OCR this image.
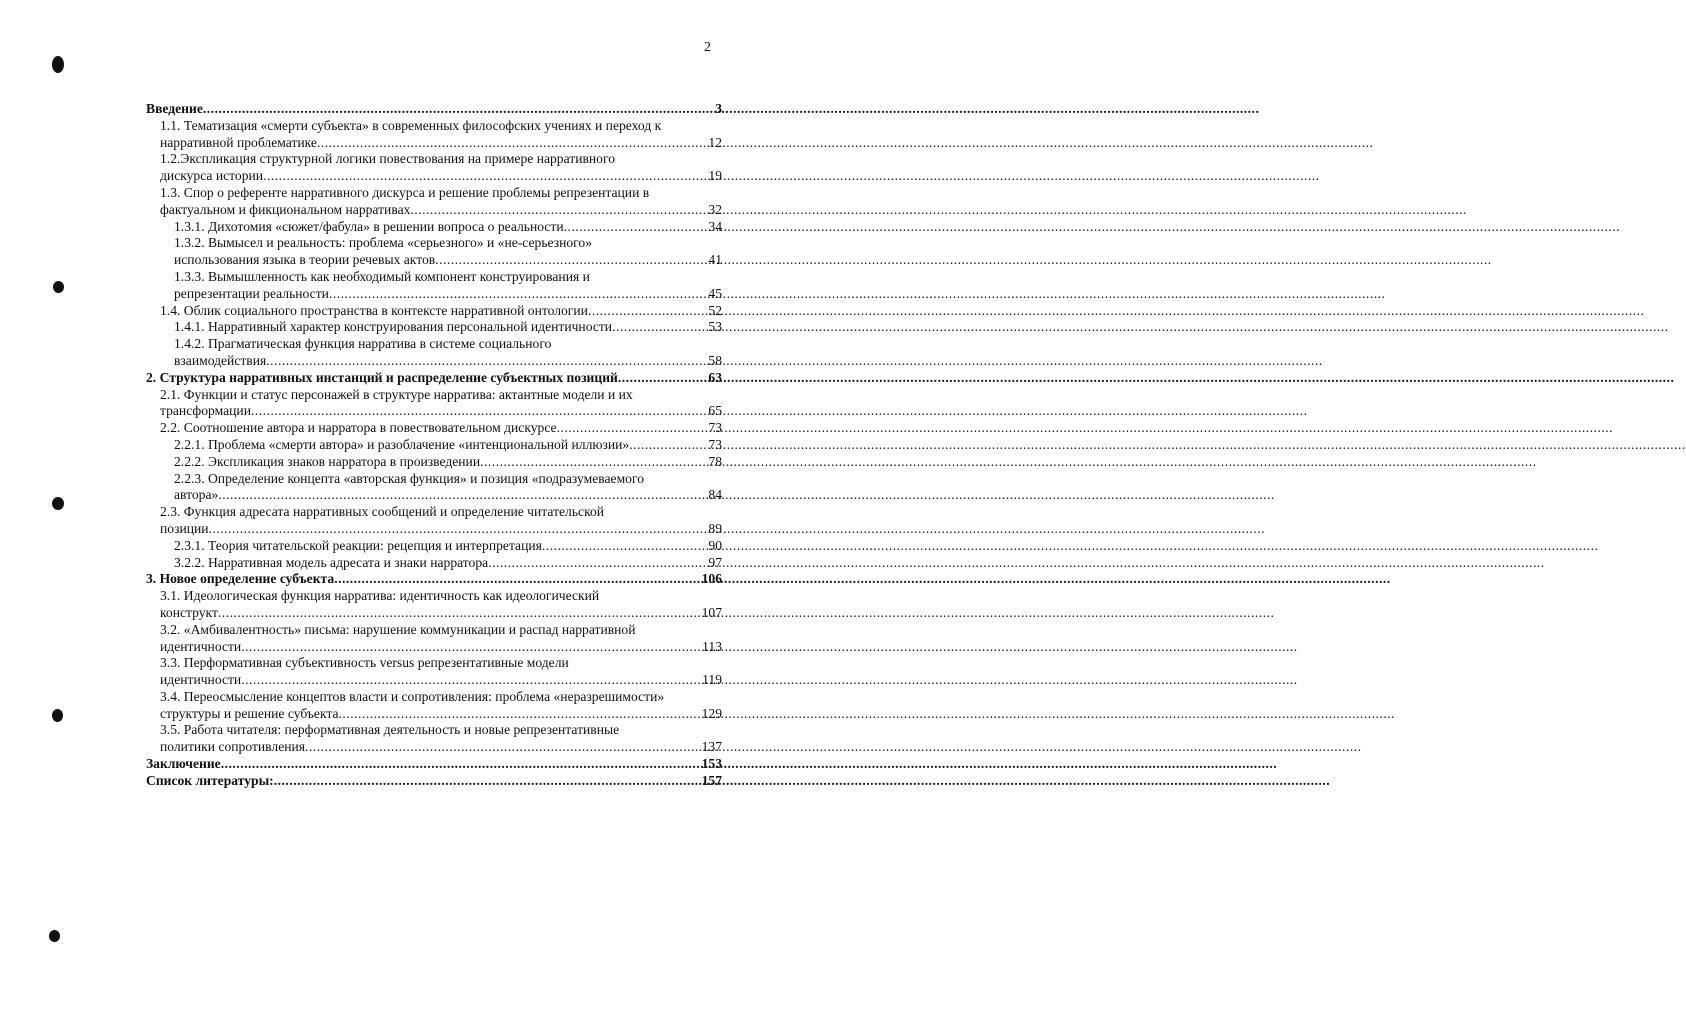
2
Введение .....	3
1.1. Тематизация «смерти субъекта» в современных философских учениях и переход к
нарративной проблематике .....	12
1.2.Экспликация структурной логики повествования на примере нарративного
дискурса истории .....	19
1.3. Спор о референте нарративного дискурса и решение проблемы репрезентации в
фактуальном и фикциональном нарративах .....	32
1.3.1. Дихотомия «сюжет/фабула» в решении вопроса о реальности .....	34
1.3.2. Вымысел и реальность: проблема «серьезного» и «не-серьезного»
использования языка в теории речевых актов .....	41
1.3.3. Вымышленность как необходимый компонент конструирования и
репрезентации реальности .....	45
1.4. Облик социального пространства в контексте нарративной онтологии .....	52
1.4.1. Нарративный характер конструирования персональной идентичности .....	53
1.4.2. Прагматическая функция нарратива в системе социального
взаимодействия .....	58
2. Структура нарративных инстанций и распределение субъектных позиций .....	63
2.1. Функции и статус персонажей в структуре нарратива: актантные модели и их
трансформации .....	65
2.2. Соотношение автора и нарратора в повествовательном дискурсе .....	73
2.2.1. Проблема «смерти автора» и разоблачение «интенциональной иллюзии» .....	73
2.2.2. Экспликация знаков нарратора в произведении .....	78
2.2.3. Определение концепта «авторская функция» и позиция «подразумеваемого
автора» .....	84
2.3. Функция адресата нарративных сообщений и определение читательской
позиции .....	89
2.3.1. Теория читательской реакции: рецепция и интерпретация .....	90
3.2.2. Нарративная модель адресата и знаки нарратора .....	97
3. Новое определение субъекта .....	106
3.1. Идеологическая функция нарратива: идентичность как идеологический
конструкт .....	107
3.2. «Амбивалентность» письма: нарушение коммуникации и распад нарративной
идентичности .....	113
3.3. Перформативная субъективность versus репрезентативные модели
идентичности .....	119
3.4. Переосмысление концептов власти и сопротивления: проблема «неразрешимости»
структуры и решение субъекта .....	129
3.5. Работа читателя: перформативная деятельность и новые репрезентативные
политики сопротивления .....	137
Заключение .....	153
Список литературы: .....	157
